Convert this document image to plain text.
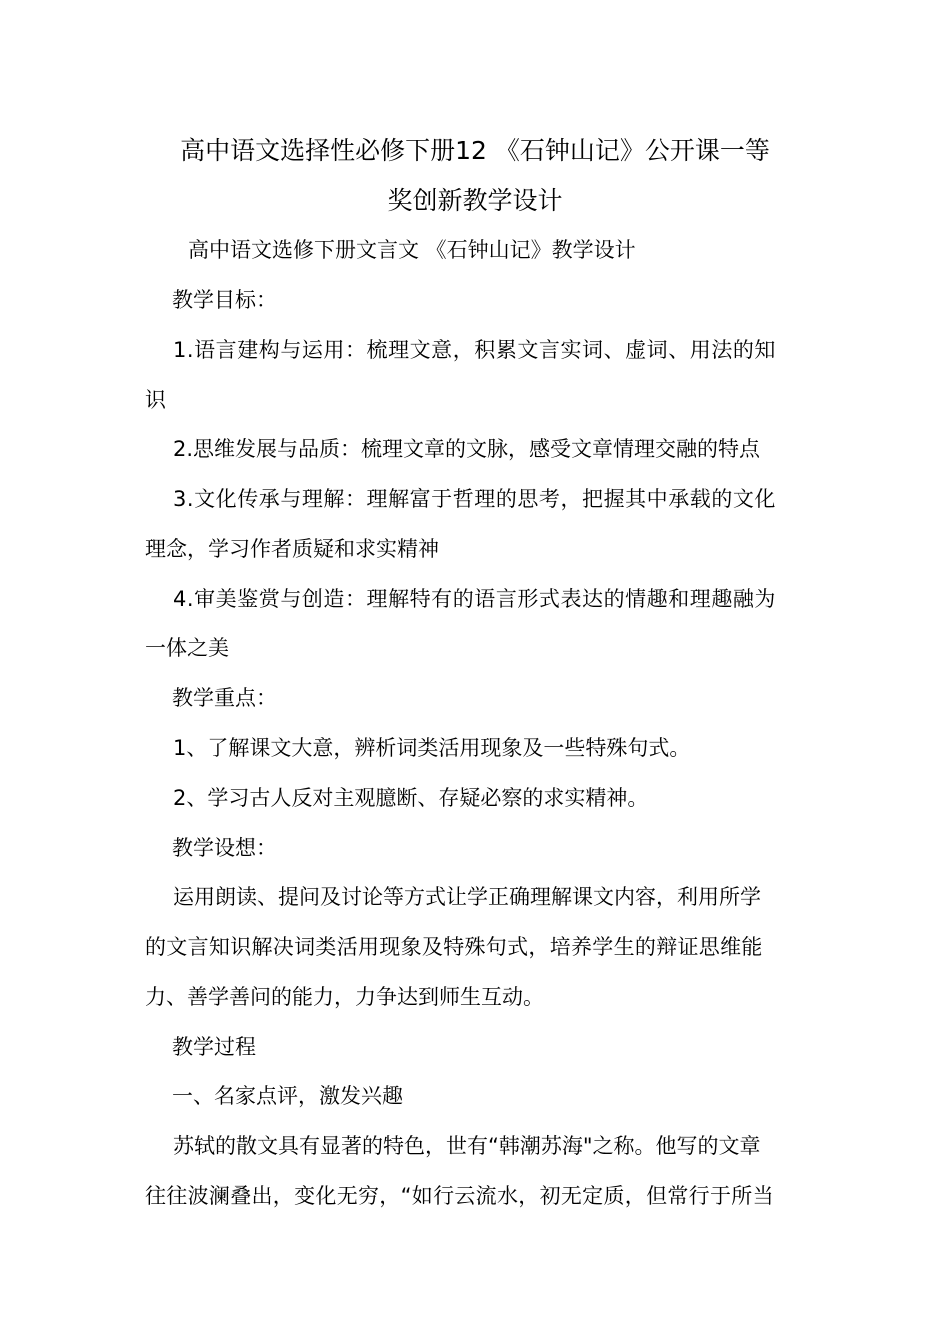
高中语文选择性必修下册12 《石钟山记》公开课一等
奖创新教学设计

高中语文选修下册文言文 《石钟山记》教学设计

教学目标：

1.语言建构与运用：梳理文意，积累文言实词、虚词、用法的知

识

2.思维发展与品质：梳理文章的文脉，感受文章情理交融的特点

3.文化传承与理解：理解富于哲理的思考，把握其中承载的文化

理念，学习作者质疑和求实精神

4.审美鉴赏与创造：理解特有的语言形式表达的情趣和理趣融为

一体之美

教学重点：

1、了解课文大意，辨析词类活用现象及一些特殊句式。

2、学习古人反对主观臆断、存疑必察的求实精神。

教学设想：

运用朗读、提问及讨论等方式让学正确理解课文内容，利用所学

的文言知识解决词类活用现象及特殊句式，培养学生的辩证思维能

力、善学善问的能力，力争达到师生互动。

教学过程

一、名家点评，激发兴趣

苏轼的散文具有显著的特色，世有“韩潮苏海"之称。他写的文章

往往波澜叠出，变化无穷，“如行云流水，初无定质，但常行于所当
